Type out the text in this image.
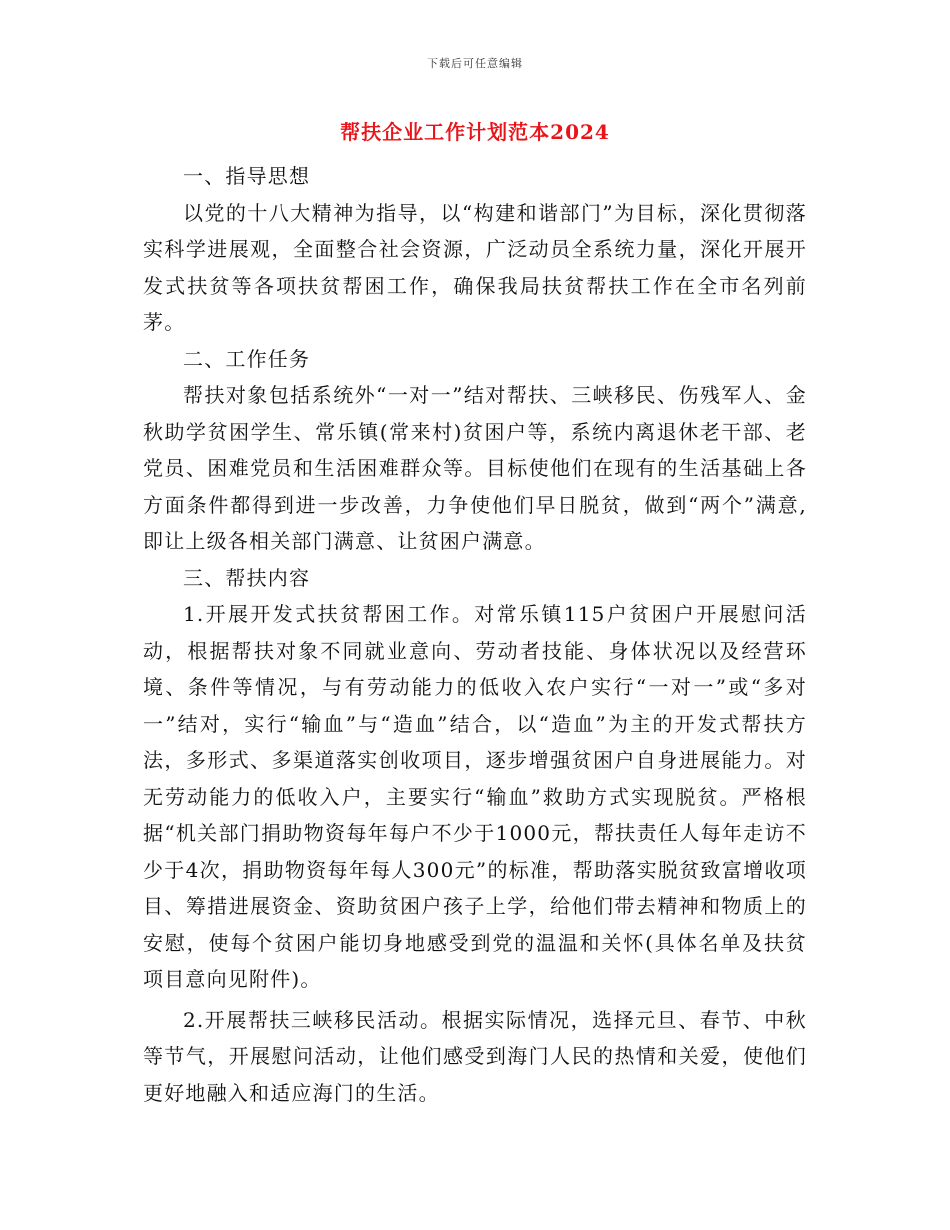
下载后可任意编辑
帮扶企业工作计划范本2024

一、指导思想

以党的十八大精神为指导，以“构建和谐部门”为目标，深化贯彻落实科学进展观，全面整合社会资源，广泛动员全系统力量，深化开展开发式扶贫等各项扶贫帮困工作，确保我局扶贫帮扶工作在全市名列前茅。

二、工作任务

帮扶对象包括系统外“一对一”结对帮扶、三峡移民、伤残军人、金秋助学贫困学生、常乐镇(常来村)贫困户等，系统内离退休老干部、老党员、困难党员和生活困难群众等。目标使他们在现有的生活基础上各方面条件都得到进一步改善，力争使他们早日脱贫，做到“两个”满意,即让上级各相关部门满意、让贫困户满意。

三、帮扶内容

1.开展开发式扶贫帮困工作。对常乐镇115户贫困户开展慰问活动，根据帮扶对象不同就业意向、劳动者技能、身体状况以及经营环境、条件等情况，与有劳动能力的低收入农户实行“一对一”或“多对一”结对，实行“输血”与“造血”结合，以“造血”为主的开发式帮扶方法，多形式、多渠道落实创收项目，逐步增强贫困户自身进展能力。对无劳动能力的低收入户，主要实行“输血”救助方式实现脱贫。严格根据“机关部门捐助物资每年每户不少于1000元，帮扶责任人每年走访不少于4次，捐助物资每年每人300元”的标准，帮助落实脱贫致富增收项目、筹措进展资金、资助贫困户孩子上学，给他们带去精神和物质上的安慰，使每个贫困户能切身地感受到党的温温和关怀(具体名单及扶贫项目意向见附件)。

2.开展帮扶三峡移民活动。根据实际情况，选择元旦、春节、中秋等节气，开展慰问活动，让他们感受到海门人民的热情和关爱，使他们更好地融入和适应海门的生活。
